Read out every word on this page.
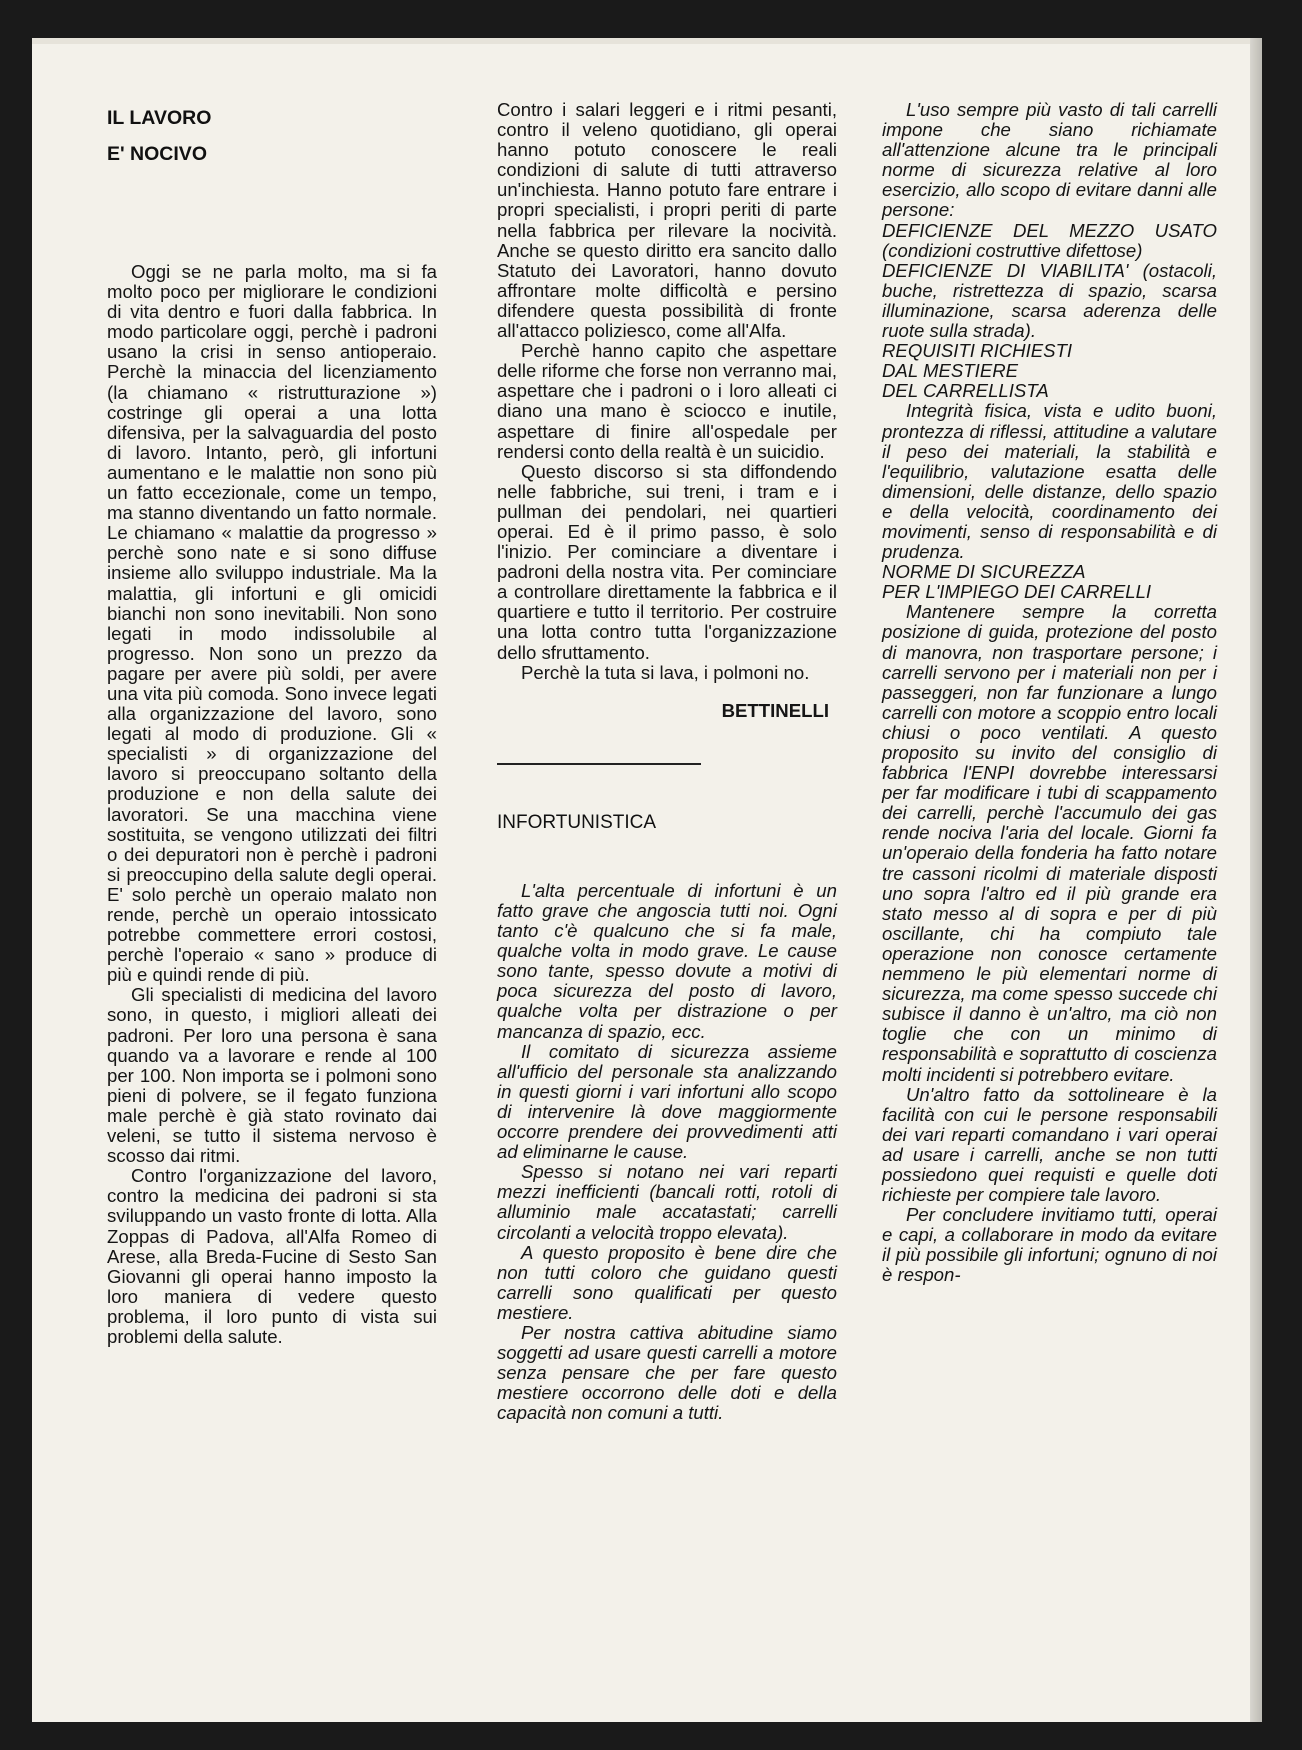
IL LAVORO
E' NOCIVO

Oggi se ne parla molto, ma si fa molto poco per migliorare le condizioni di vita dentro e fuori dalla fabbrica. In modo particolare oggi, perchè i padroni usano la crisi in senso antioperaio. Perchè la minaccia del licenziamento (la chiamano « ristrutturazione ») costringe gli operai a una lotta difensiva, per la salvaguardia del posto di lavoro. Intanto, però, gli infortuni aumentano e le malattie non sono più un fatto eccezionale, come un tempo, ma stanno diventando un fatto normale. Le chiamano « malattie da progresso » perchè sono nate e si sono diffuse insieme allo sviluppo industriale. Ma la malattia, gli infortuni e gli omicidi bianchi non sono inevitabili. Non sono legati in modo indissolubile al progresso. Non sono un prezzo da pagare per avere più soldi, per avere una vita più comoda. Sono invece legati alla organizzazione del lavoro, sono legati al modo di produzione. Gli « specialisti » di organizzazione del lavoro si preoccupano soltanto della produzione e non della salute dei lavoratori. Se una macchina viene sostituita, se vengono utilizzati dei filtri o dei depuratori non è perchè i padroni si preoccupino della salute degli operai. E' solo perchè un operaio malato non rende, perchè un operaio intossicato potrebbe commettere errori costosi, perchè l'operaio « sano » produce di più e quindi rende di più.

Gli specialisti di medicina del lavoro sono, in questo, i migliori alleati dei padroni. Per loro una persona è sana quando va a lavorare e rende al 100 per 100. Non importa se i polmoni sono pieni di polvere, se il fegato funziona male perchè è già stato rovinato dai veleni, se tutto il sistema nervoso è scosso dai ritmi.

Contro l'organizzazione del lavoro, contro la medicina dei padroni si sta sviluppando un vasto fronte di lotta. Alla Zoppas di Padova, all'Alfa Romeo di Arese, alla Breda-Fucine di Sesto San Giovanni gli operai hanno imposto la loro maniera di vedere questo problema, il loro punto di vista sui problemi della salute.

Contro i salari leggeri e i ritmi pesanti, contro il veleno quotidiano, gli operai hanno potuto conoscere le reali condizioni di salute di tutti attraverso un'inchiesta. Hanno potuto fare entrare i propri specialisti, i propri periti di parte nella fabbrica per rilevare la nocività. Anche se questo diritto era sancito dallo Statuto dei Lavoratori, hanno dovuto affrontare molte difficoltà e persino difendere questa possibilità di fronte all'attacco poliziesco, come all'Alfa.

Perchè hanno capito che aspettare delle riforme che forse non verranno mai, aspettare che i padroni o i loro alleati ci diano una mano è sciocco e inutile, aspettare di finire all'ospedale per rendersi conto della realtà è un suicidio.

Questo discorso si sta diffondendo nelle fabbriche, sui treni, i tram e i pullman dei pendolari, nei quartieri operai. Ed è il primo passo, è solo l'inizio. Per cominciare a diventare i padroni della nostra vita. Per cominciare a controllare direttamente la fabbrica e il quartiere e tutto il territorio. Per costruire una lotta contro tutta l'organizzazione dello sfruttamento.

Perchè la tuta si lava, i polmoni no.

BETTINELLI
INFORTUNISTICA

L'alta percentuale di infortuni è un fatto grave che angoscia tutti noi. Ogni tanto c'è qualcuno che si fa male, qualche volta in modo grave. Le cause sono tante, spesso dovute a motivi di poca sicurezza del posto di lavoro, qualche volta per distrazione o per mancanza di spazio, ecc.

Il comitato di sicurezza assieme all'ufficio del personale sta analizzando in questi giorni i vari infortuni allo scopo di intervenire là dove maggiormente occorre prendere dei provvedimenti atti ad eliminarne le cause.

Spesso si notano nei vari reparti mezzi inefficienti (bancali rotti, rotoli di alluminio male accatastati; carrelli circolanti a velocità troppo elevata).

A questo proposito è bene dire che non tutti coloro che guidano questi carrelli sono qualificati per questo mestiere.

Per nostra cattiva abitudine siamo soggetti ad usare questi carrelli a motore senza pensare che per fare questo mestiere occorrono delle doti e della capacità non comuni a tutti.

L'uso sempre più vasto di tali carrelli impone che siano richiamate all'attenzione alcune tra le principali norme di sicurezza relative al loro esercizio, allo scopo di evitare danni alle persone:

DEFICIENZE DEL MEZZO USATO (condizioni costruttive difettose)

DEFICIENZE DI VIABILITA' (ostacoli, buche, ristrettezza di spazio, scarsa illuminazione, scarsa aderenza delle ruote sulla strada).

REQUISITI RICHIESTI

DAL MESTIERE

DEL CARRELLISTA

Integrità fisica, vista e udito buoni, prontezza di riflessi, attitudine a valutare il peso dei materiali, la stabilità e l'equilibrio, valutazione esatta delle dimensioni, delle distanze, dello spazio e della velocità, coordinamento dei movimenti, senso di responsabilità e di prudenza.

NORME DI SICUREZZA

PER L'IMPIEGO DEI CARRELLI

Mantenere sempre la corretta posizione di guida, protezione del posto di manovra, non trasportare persone; i carrelli servono per i materiali non per i passeggeri, non far funzionare a lungo carrelli con motore a scoppio entro locali chiusi o poco ventilati. A questo proposito su invito del consiglio di fabbrica l'ENPI dovrebbe interessarsi per far modificare i tubi di scappamento dei carrelli, perchè l'accumulo dei gas rende nociva l'aria del locale. Giorni fa un'operaio della fonderia ha fatto notare tre cassoni ricolmi di materiale disposti uno sopra l'altro ed il più grande era stato messo al di sopra e per di più oscillante, chi ha compiuto tale operazione non conosce certamente nemmeno le più elementari norme di sicurezza, ma come spesso succede chi subisce il danno è un'altro, ma ciò non toglie che con un minimo di responsabilità e soprattutto di coscienza molti incidenti si potrebbero evitare.

Un'altro fatto da sottolineare è la facilità con cui le persone responsabili dei vari reparti comandano i vari operai ad usare i carrelli, anche se non tutti possiedono quei requisti e quelle doti richieste per compiere tale lavoro.

Per concludere invitiamo tutti, operai e capi, a collaborare in modo da evitare il più possibile gli infortuni; ognuno di noi è respon-
